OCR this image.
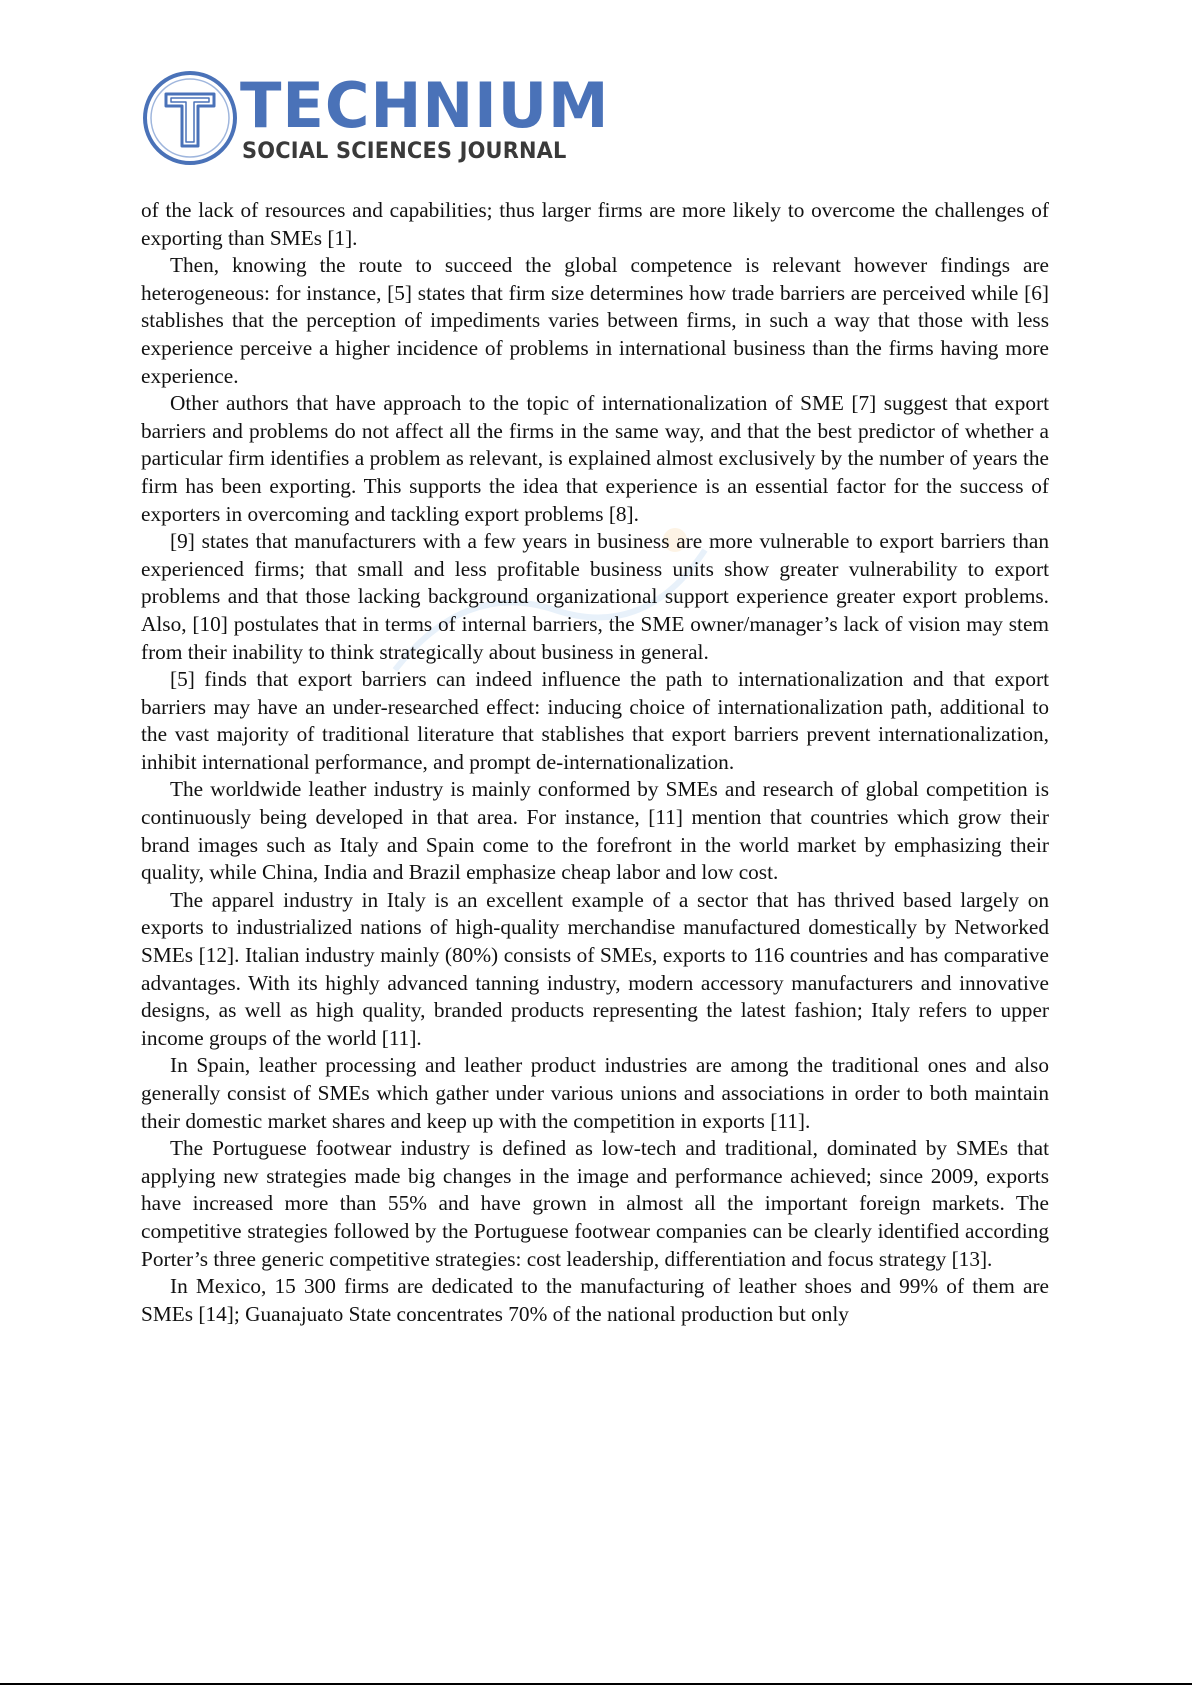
TECHNIUM
SOCIAL SCIENCES JOURNAL

of the lack of resources and capabilities; thus larger firms are more likely to overcome the challenges of exporting than SMEs [1].

Then, knowing the route to succeed the global competence is relevant however findings are heterogeneous: for instance, [5] states that firm size determines how trade barriers are perceived while [6] stablishes that the perception of impediments varies between firms, in such a way that those with less experience perceive a higher incidence of problems in international business than the firms having more experience.

Other authors that have approach to the topic of internationalization of SME [7] suggest that export barriers and problems do not affect all the firms in the same way, and that the best predictor of whether a particular firm identifies a problem as relevant, is explained almost exclusively by the number of years the firm has been exporting. This supports the idea that experience is an essential factor for the success of exporters in overcoming and tackling export problems [8].

[9] states that manufacturers with a few years in business are more vulnerable to export barriers than experienced firms; that small and less profitable business units show greater vulnerability to export problems and that those lacking background organizational support experience greater export problems. Also, [10] postulates that in terms of internal barriers, the SME owner/manager’s lack of vision may stem from their inability to think strategically about business in general.

[5] finds that export barriers can indeed influence the path to internationalization and that export barriers may have an under-researched effect: inducing choice of internationalization path, additional to the vast majority of traditional literature that stablishes that export barriers prevent internationalization, inhibit international performance, and prompt de-internationalization.

The worldwide leather industry is mainly conformed by SMEs and research of global competition is continuously being developed in that area. For instance, [11] mention that countries which grow their brand images such as Italy and Spain come to the forefront in the world market by emphasizing their quality, while China, India and Brazil emphasize cheap labor and low cost.

The apparel industry in Italy is an excellent example of a sector that has thrived based largely on exports to industrialized nations of high-quality merchandise manufactured domestically by Networked SMEs [12]. Italian industry mainly (80%) consists of SMEs, exports to 116 countries and has comparative advantages. With its highly advanced tanning industry, modern accessory manufacturers and innovative designs, as well as high quality, branded products representing the latest fashion; Italy refers to upper income groups of the world [11].

In Spain, leather processing and leather product industries are among the traditional ones and also generally consist of SMEs which gather under various unions and associations in order to both maintain their domestic market shares and keep up with the competition in exports [11].

The Portuguese footwear industry is defined as low-tech and traditional, dominated by SMEs that applying new strategies made big changes in the image and performance achieved; since 2009, exports have increased more than 55% and have grown in almost all the important foreign markets. The competitive strategies followed by the Portuguese footwear companies can be clearly identified according Porter’s three generic competitive strategies: cost leadership, differentiation and focus strategy [13].

In Mexico, 15 300 firms are dedicated to the manufacturing of leather shoes and 99% of them are SMEs [14]; Guanajuato State concentrates 70% of the national production but only
